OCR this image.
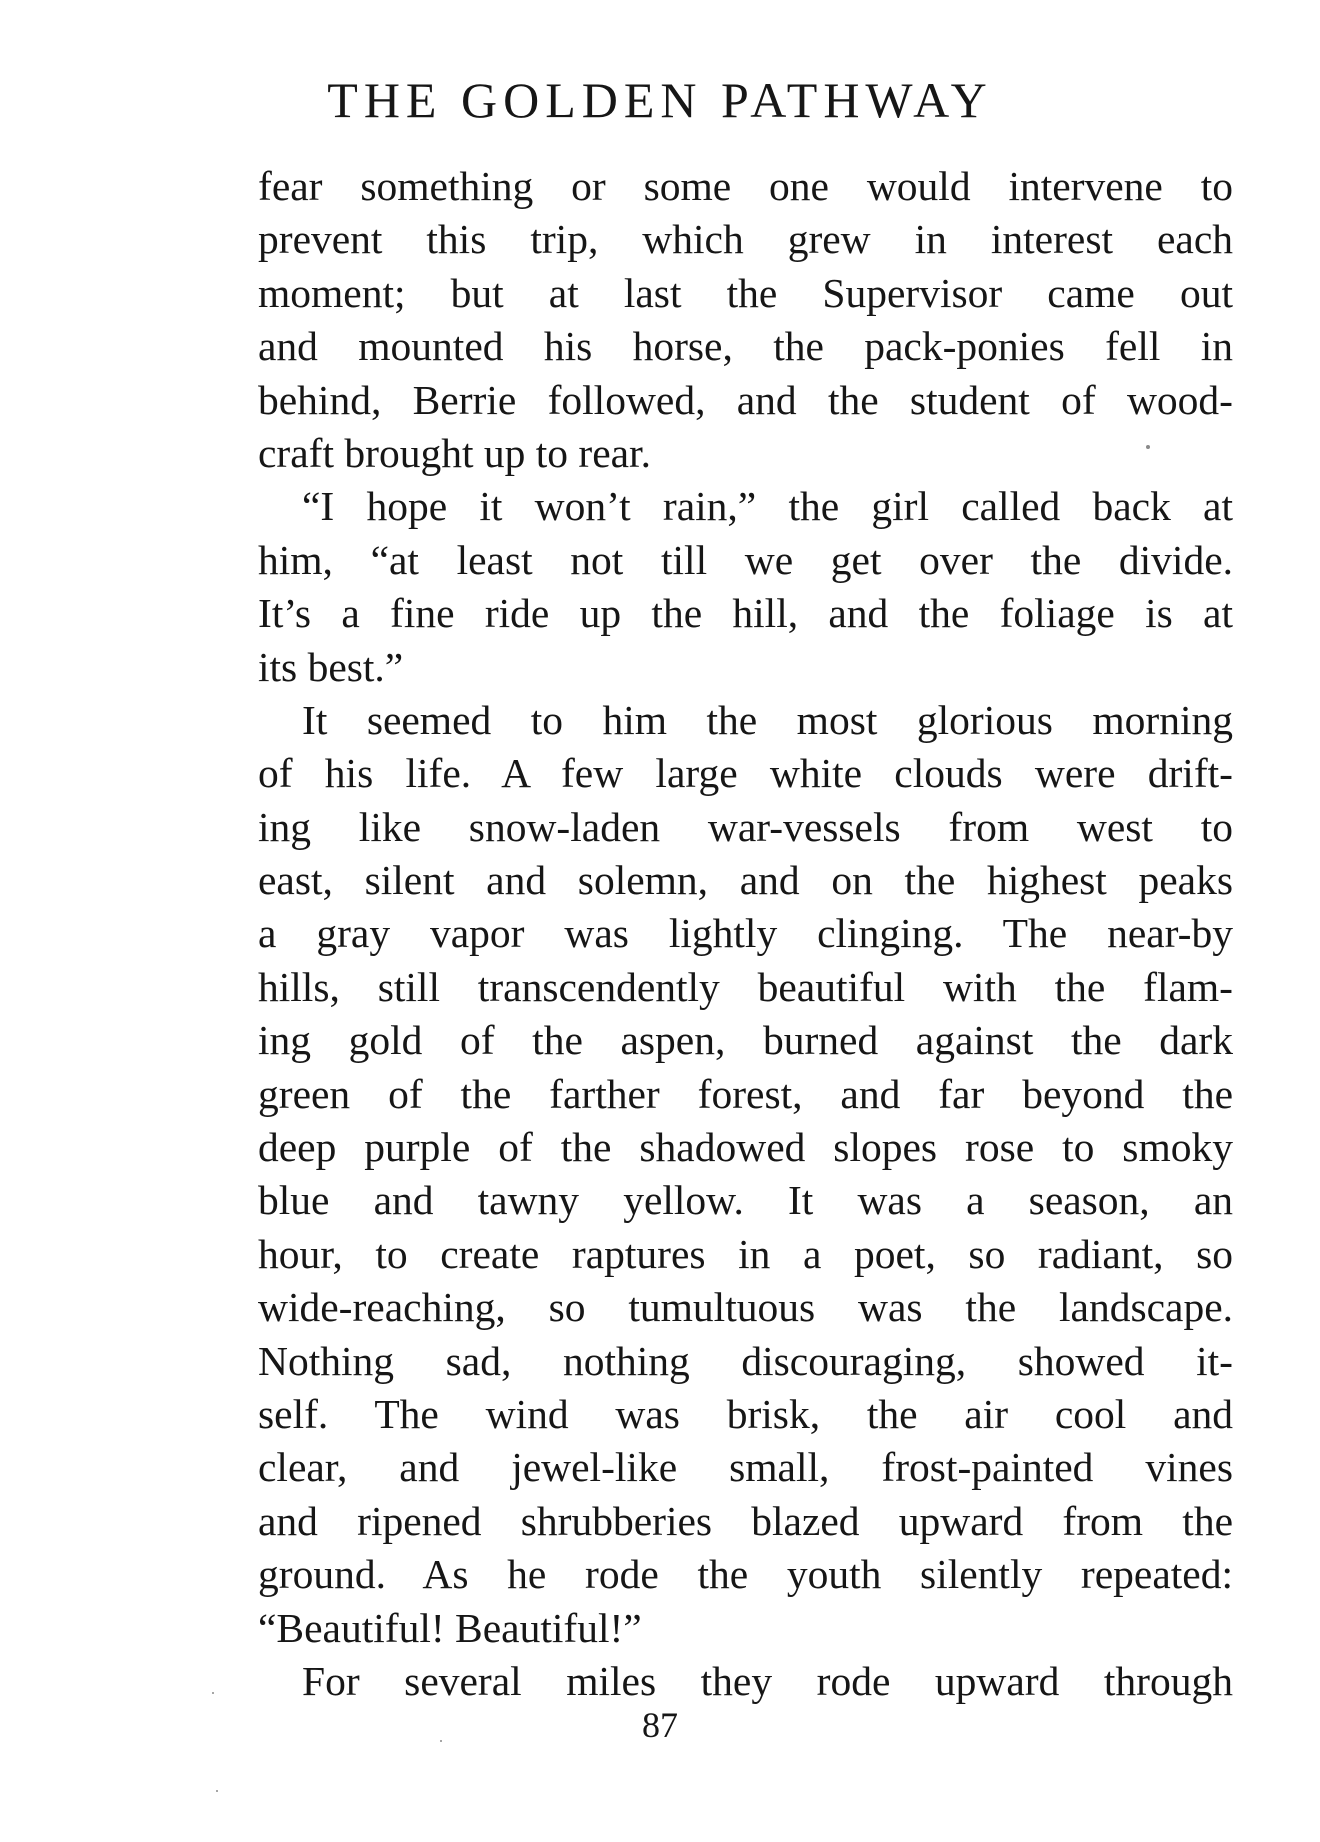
THE GOLDEN PATHWAY
fear something or some one would intervene to
prevent this trip, which grew in interest each
moment; but at last the Supervisor came out
and mounted his horse, the pack-ponies fell in
behind, Berrie followed, and the student of wood-
craft brought up to rear.
“I hope it won’t rain,” the girl called back at
him, “at least not till we get over the divide.
It’s a fine ride up the hill, and the foliage is at
its best.”
It seemed to him the most glorious morning
of his life. A few large white clouds were drift-
ing like snow-laden war-vessels from west to
east, silent and solemn, and on the highest peaks
a gray vapor was lightly clinging. The near-by
hills, still transcendently beautiful with the flam-
ing gold of the aspen, burned against the dark
green of the farther forest, and far beyond the
deep purple of the shadowed slopes rose to smoky
blue and tawny yellow. It was a season, an
hour, to create raptures in a poet, so radiant, so
wide-reaching, so tumultuous was the landscape.
Nothing sad, nothing discouraging, showed it-
self. The wind was brisk, the air cool and
clear, and jewel-like small, frost-painted vines
and ripened shrubberies blazed upward from the
ground. As he rode the youth silently repeated:
“Beautiful! Beautiful!”
For several miles they rode upward through
87
